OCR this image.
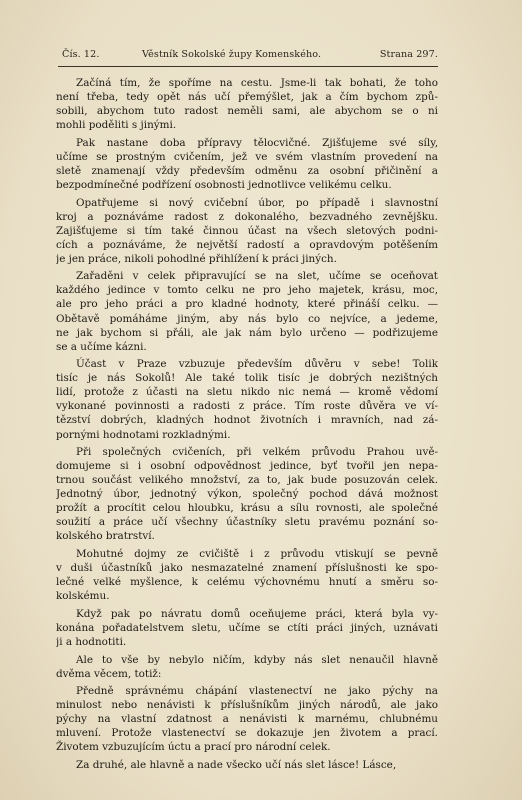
Čís. 12.	Věstník Sokolské župy Komenského.	Strana 297.
Začíná tím, že spoříme na cestu. Jsme-li tak bohati, že toho
není třeba, tedy opět nás učí přemýšlet, jak a čím bychom způ-
sobili, abychom tuto radost neměli sami, ale abychom se o ni
mohli poděliti s jinými.
Pak nastane doba přípravy tělocvičné. Zjišťujeme své síly,
učíme se prostným cvičením, jež ve svém vlastním provedení na
sletě znamenají vždy především odměnu za osobní přičinění a
bezpodmínečné podřízení osobnosti jednotlivce velikému celku.
Opatřujeme si nový cvičební úbor, po případě i slavnostní
kroj a poznáváme radost z dokonalého, bezvadného zevnějšku.
Zajišťujeme si tím také činnou účast na všech sletových podni-
cích a poznáváme, že největší radostí a opravdovým potěšením
je jen práce, nikoli pohodlné přihlížení k práci jiných.
Zařaděni v celek připravující se na slet, učíme se oceňovat
každého jedince v tomto celku ne pro jeho majetek, krásu, moc,
ale pro jeho práci a pro kladné hodnoty, které přináší celku. —
Obětavě pomáháme jiným, aby nás bylo co nejvíce, a jedeme,
ne jak bychom si přáli, ale jak nám bylo určeno — podřizujeme
se a učíme kázni.
Účast v Praze vzbuzuje především důvěru v sebe! Tolik
tisíc je nás Sokolů! Ale také tolik tisíc je dobrých nezištných
lidí, protože z účasti na sletu nikdo nic nemá — kromě vědomí
vykonané povinnosti a radosti z práce. Tím roste důvěra ve ví-
tězství dobrých, kladných hodnot životních i mravních, nad zá-
pornými hodnotami rozkladnými.
Při společných cvičeních, při velkém průvodu Prahou uvě-
domujeme si i osobní odpovědnost jedince, byť tvořil jen nepa-
trnou součást velikého množství, za to, jak bude posuzován celek.
Jednotný úbor, jednotný výkon, společný pochod dává možnost
prožít a procítit celou hloubku, krásu a sílu rovnosti, ale společné
soužití a práce učí všechny účastníky sletu pravému poznání so-
kolského bratrství.
Mohutné dojmy ze cvičiště i z průvodu vtiskují se pevně
v duši účastníků jako nesmazatelné znamení příslušnosti ke spo-
lečné velké myšlence, k celému výchovnému hnutí a směru so-
kolskému.
Když pak po návratu domů oceňujeme práci, která byla vy-
konána pořadatelstvem sletu, učíme se ctíti práci jiných, uznávati
ji a hodnotiti.
Ale to vše by nebylo ničím, kdyby nás slet nenaučil hlavně
dvěma věcem, totiž:
Předně správnému chápání vlastenectví ne jako pýchy na
minulost nebo nenávisti k příslušníkům jiných národů, ale jako
pýchy na vlastní zdatnost a nenávisti k marnému, chlubnému
mluvení. Protože vlastenectví se dokazuje jen životem a prací.
Životem vzbuzujícím úctu a prací pro národní celek.
Za druhé, ale hlavně a nade všecko učí nás slet lásce! Lásce,
